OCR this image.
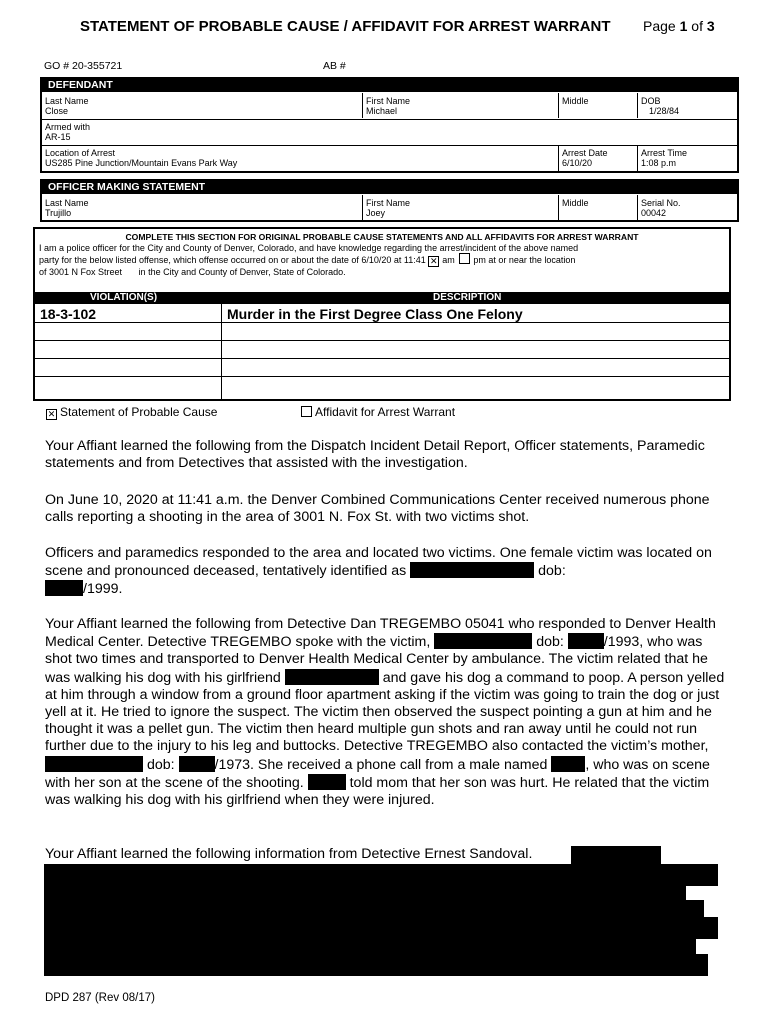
STATEMENT OF PROBABLE CAUSE / AFFIDAVIT FOR ARREST WARRANT Page 1 of 3
GO # 20-355721	AB #
DEFENDANT
Last Name
Close
First Name
Michael
Middle	DOB
1/28/84
Armed with
AR-15
Location of Arrest
US285 Pine Junction/Mountain Evans Park Way
Arrest Date
6/10/20
Arrest Time
1:08 p.m
OFFICER MAKING STATEMENT
Last Name
Trujillo
First Name
Joey
Middle	Serial No.
00042
COMPLETE THIS SECTION FOR ORIGINAL PROBABLE CAUSE STATEMENTS AND ALL AFFIDAVITS FOR ARREST WARRANT
I am a police officer for the City and County of Denver, Colorado, and have knowledge regarding the arrest/incident of the above named
party for the below listed offense, which offense occurred on or about the date of 6/10/20 at 11:41 ✕ am pm at or near the location
of 3001 N Fox Street in the City and County of Denver, State of Colorado.
VIOLATION(S)	DESCRIPTION
18-3-102	Murder in the First Degree Class One Felony
✕ Statement of Probable Cause	Affidavit for Arrest Warrant
Your Affiant learned the following from the Dispatch Incident Detail Report, Officer statements, Paramedic statements and from Detectives that assisted with the investigation.
On June 10, 2020 at 11:41 a.m. the Denver Combined Communications Center received numerous phone calls reporting a shooting in the area of 3001 N. Fox St. with two victims shot.
Officers and paramedics responded to the area and located two victims. One female victim was located on scene and pronounced deceased, tentatively identified as	dob:
/1999.
Your Affiant learned the following from Detective Dan TREGEMBO 05041 who responded to Denver Health Medical Center. Detective TREGEMBO spoke with the victim,	dob:	/1993, who was shot two times and transported to Denver Health Medical Center by ambulance. The victim related that he was walking his dog with his girlfriend	and gave his dog a command to poop. A person yelled at him through a window from a ground floor apartment asking if the victim was going to train the dog or just yell at it. He tried to ignore the suspect. The victim then observed the suspect pointing a gun at him and he thought it was a pellet gun. The victim then heard multiple gun shots and ran away until he could not run further due to the injury to his leg and buttocks. Detective TREGEMBO also contacted the victim’s mother,  dob:	/1973. She received a phone call from a male named	, who was on scene with her son at the scene of the shooting.	told mom that her son was hurt. He related that the victim was walking his dog with his girlfriend when they were injured.
Your Affiant learned the following information from Detective Ernest Sandoval.
DPD 287 (Rev 08/17)
